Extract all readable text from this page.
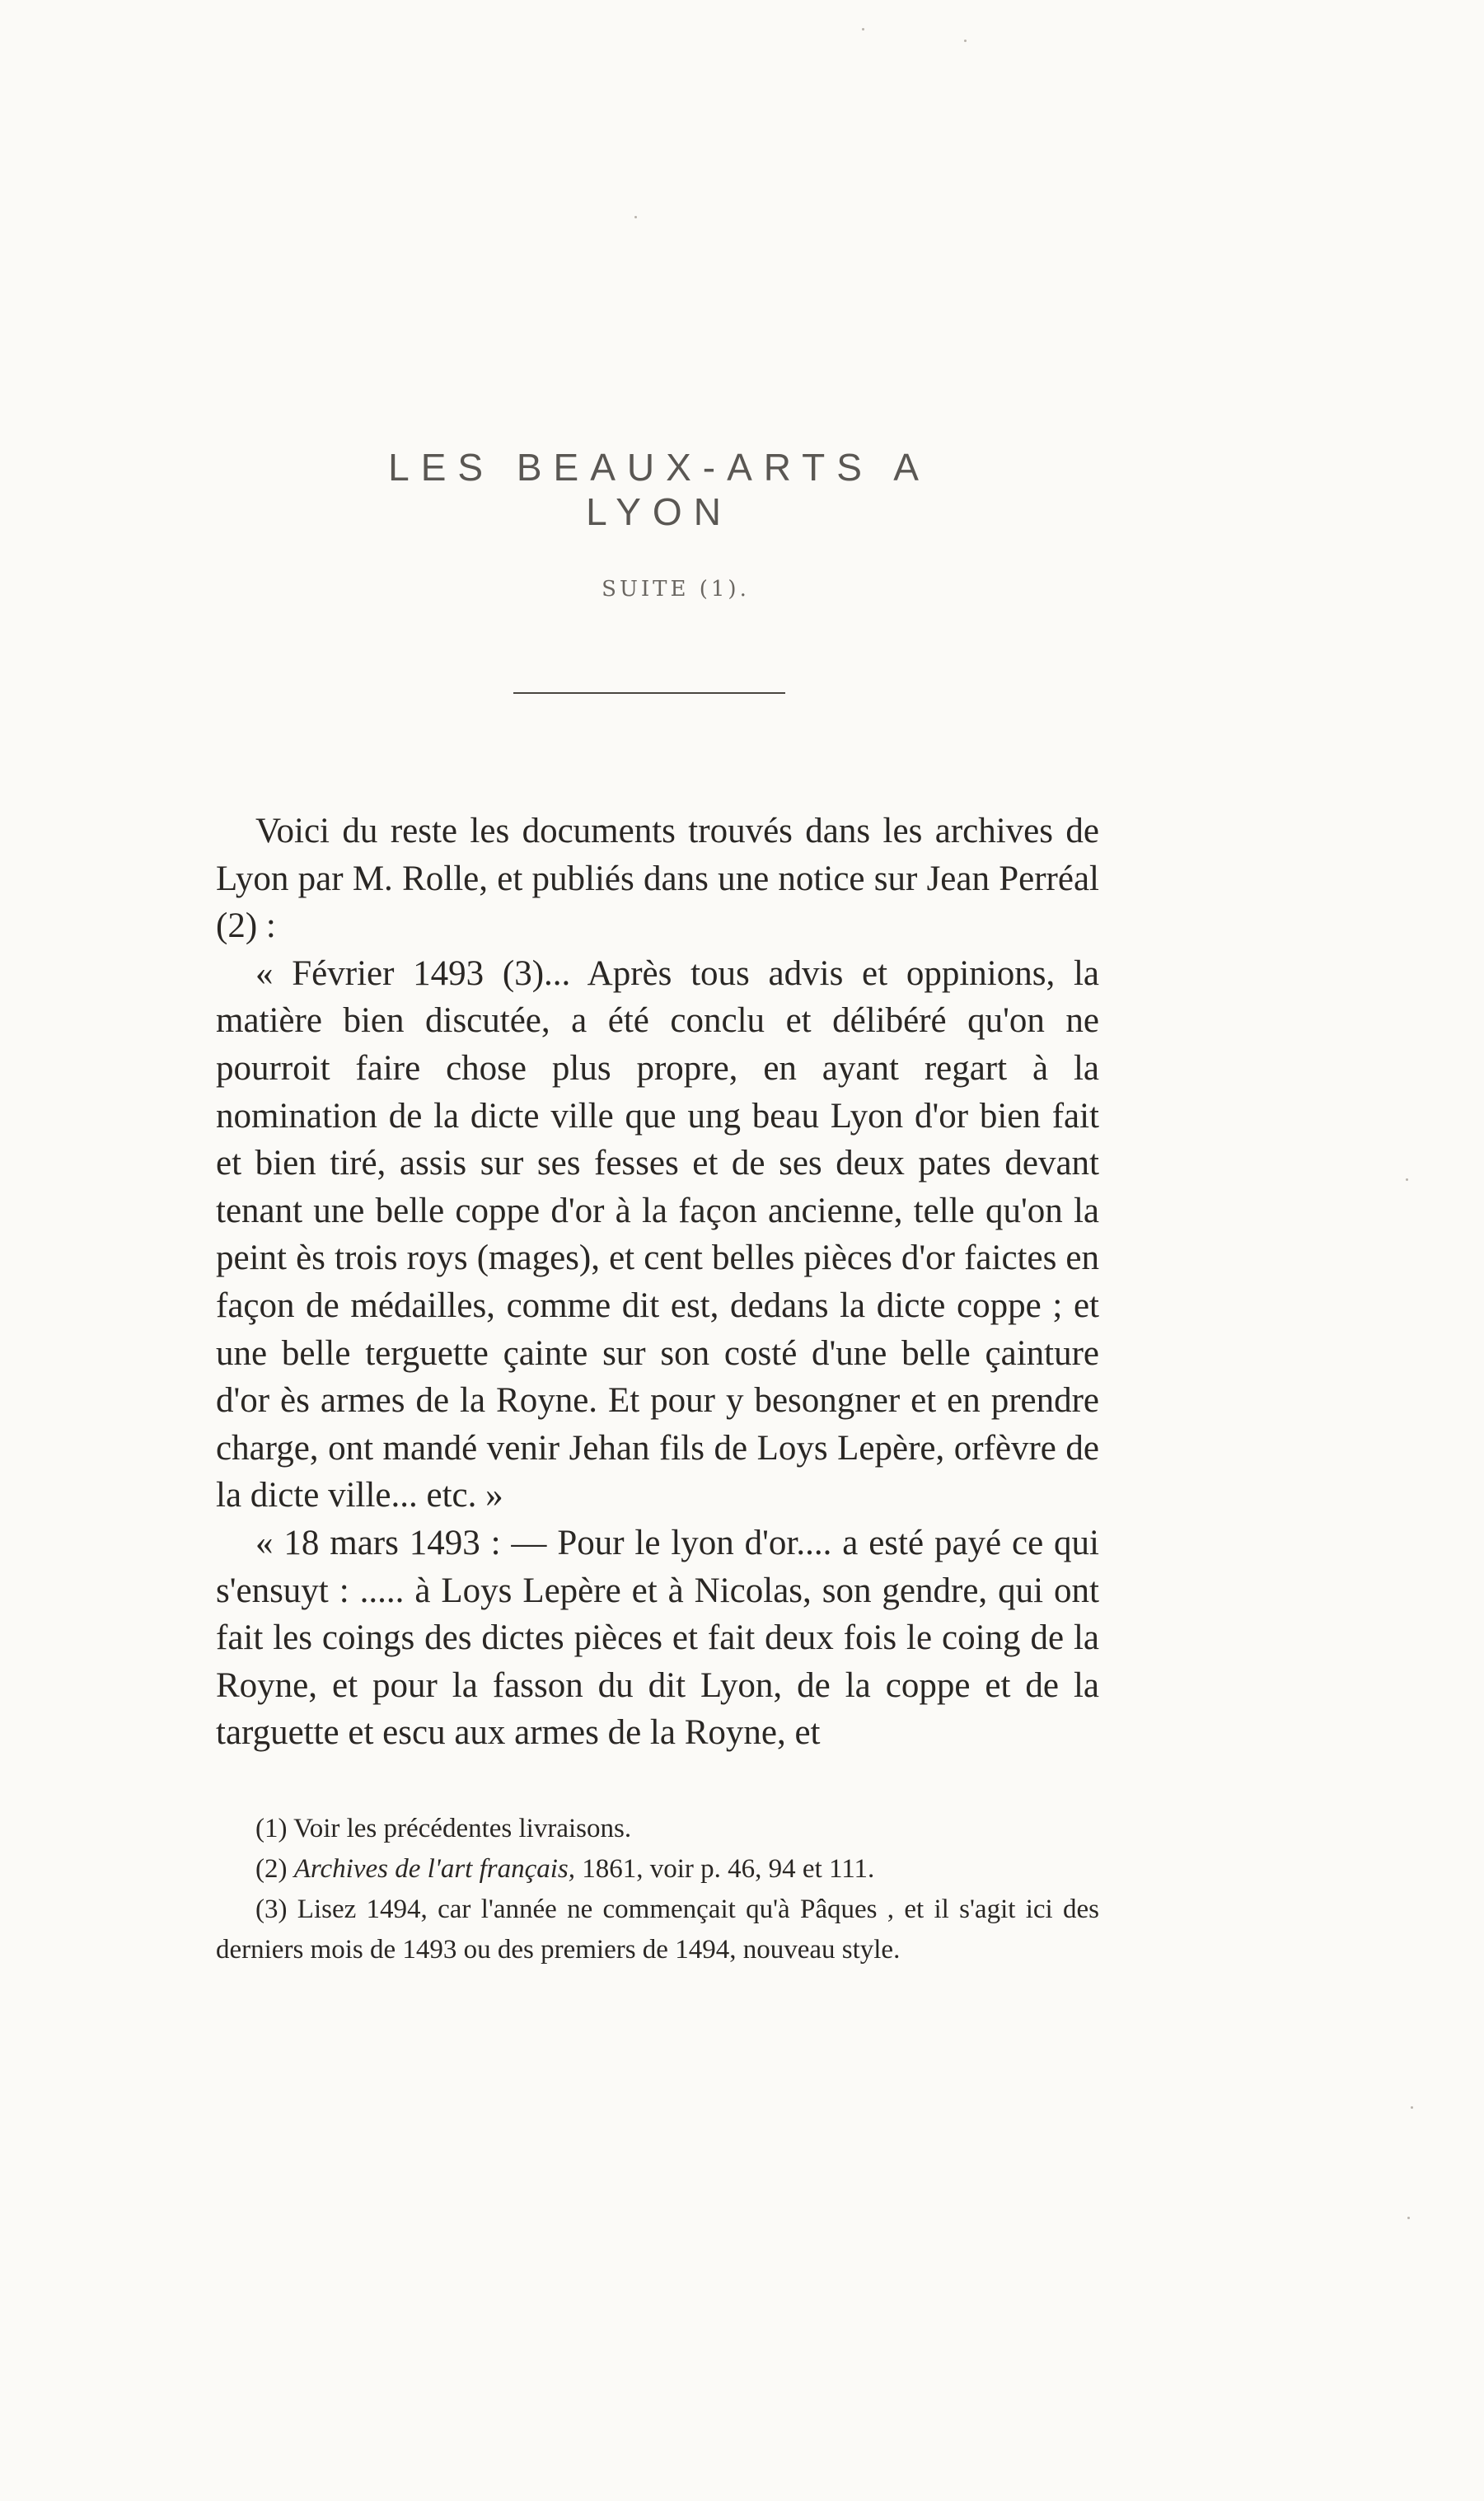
LES BEAUX-ARTS A LYON
SUITE (1).

Voici du reste les documents trouvés dans les archives de Lyon par M. Rolle, et publiés dans une notice sur Jean Perréal (2) :

« Février 1493 (3)... Après tous advis et oppinions, la matière bien discutée, a été conclu et délibéré qu'on ne pourroit faire chose plus propre, en ayant regart à la nomination de la dicte ville que ung beau Lyon d'or bien fait et bien tiré, assis sur ses fesses et de ses deux pates devant tenant une belle coppe d'or à la façon ancienne, telle qu'on la peint ès trois roys (mages), et cent belles pièces d'or faictes en façon de médailles, comme dit est, dedans la dicte coppe ; et une belle terguette çainte sur son costé d'une belle çainture d'or ès armes de la Royne. Et pour y besongner et en prendre charge, ont mandé venir Jehan fils de Loys Lepère, orfèvre de la dicte ville... etc. »

« 18 mars 1493 : — Pour le lyon d'or.... a esté payé ce qui s'ensuyt : ..... à Loys Lepère et à Nicolas, son gendre, qui ont fait les coings des dictes pièces et fait deux fois le coing de la Royne, et pour la fasson du dit Lyon, de la coppe et de la targuette et escu aux armes de la Royne, et

(1) Voir les précédentes livraisons.

(2) Archives de l'art français, 1861, voir p. 46, 94 et 111.

(3) Lisez 1494, car l'année ne commençait qu'à Pâques , et il s'agit ici des derniers mois de 1493 ou des premiers de 1494, nouveau style.
